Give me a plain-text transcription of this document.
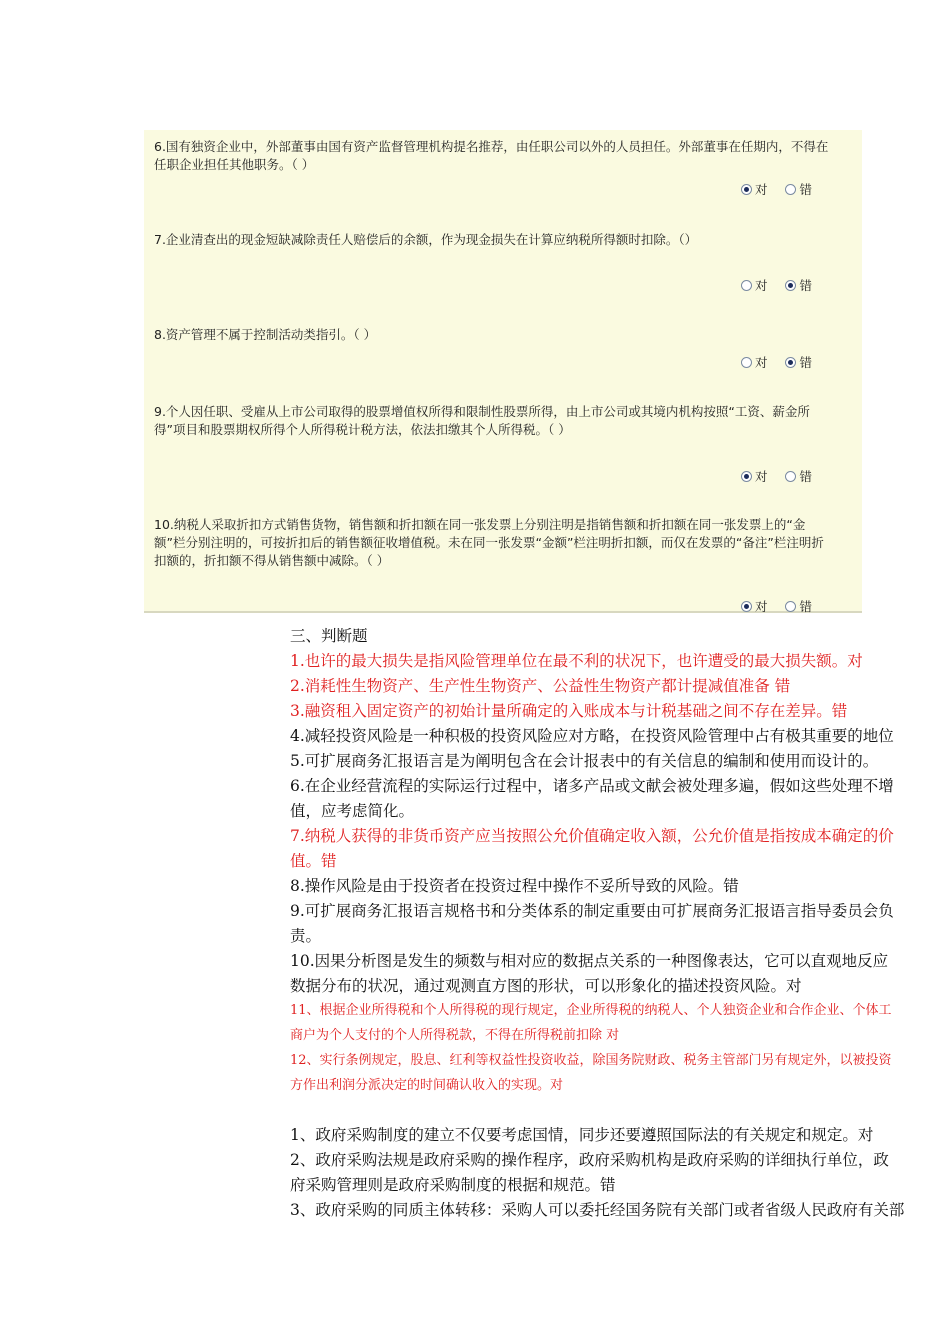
6.国有独资企业中，外部董事由国有资产监督管理机构提名推荐，由任职公司以外的人员担任。外部董事在任期内，不得在任职企业担任其他职务。（ ）
对	错
7.企业清查出的现金短缺减除责任人赔偿后的余额，作为现金损失在计算应纳税所得额时扣除。（）
对	错
8.资产管理不属于控制活动类指引。（ ）
对	错
9.个人因任职、受雇从上市公司取得的股票增值权所得和限制性股票所得，由上市公司或其境内机构按照“工资、薪金所得”项目和股票期权所得个人所得税计税方法，依法扣缴其个人所得税。（ ）
对	错
10.纳税人采取折扣方式销售货物，销售额和折扣额在同一张发票上分别注明是指销售额和折扣额在同一张发票上的“金额”栏分别注明的，可按折扣后的销售额征收增值税。未在同一张发票“金额”栏注明折扣额，而仅在发票的“备注”栏注明折扣额的，折扣额不得从销售额中减除。（ ）
对	错
三、判断题
1.也许的最大损失是指风险管理单位在最不利的状况下，也许遭受的最大损失额。对
2.消耗性生物资产、生产性生物资产、公益性生物资产都计提减值准备 错
3.融资租入固定资产的初始计量所确定的入账成本与计税基础之间不存在差异。错
4.减轻投资风险是一种积极的投资风险应对方略，在投资风险管理中占有极其重要的地位
5.可扩展商务汇报语言是为阐明包含在会计报表中的有关信息的编制和使用而设计的。
6.在企业经营流程的实际运行过程中，诸多产品或文献会被处理多遍，假如这些处理不增
值，应考虑简化。
7.纳税人获得的非货币资产应当按照公允价值确定收入额，公允价值是指按成本确定的价
值。错
8.操作风险是由于投资者在投资过程中操作不妥所导致的风险。错
9.可扩展商务汇报语言规格书和分类体系的制定重要由可扩展商务汇报语言指导委员会负
责。
10.因果分析图是发生的频数与相对应的数据点关系的一种图像表达，它可以直观地反应
数据分布的状况，通过观测直方图的形状，可以形象化的描述投资风险。对
11、根据企业所得税和个人所得税的现行规定，企业所得税的纳税人、个人独资企业和合作企业、个体工
商户为个人支付的个人所得税款，不得在所得税前扣除 对
12、实行条例规定，股息、红利等权益性投资收益，除国务院财政、税务主管部门另有规定外，以被投资
方作出利润分派决定的时间确认收入的实现。对
1、政府采购制度的建立不仅要考虑国情，同步还要遵照国际法的有关规定和规定。对
2、政府采购法规是政府采购的操作程序，政府采购机构是政府采购的详细执行单位，政
府采购管理则是政府采购制度的根据和规范。错
3、政府采购的同质主体转移：采购人可以委托经国务院有关部门或者省级人民政府有关部
